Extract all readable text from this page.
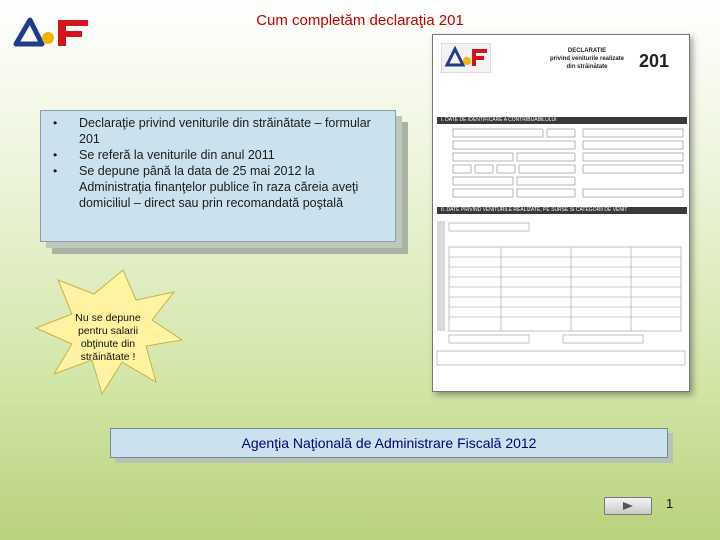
Cum completăm declaraţia 201
•	Declaraţie privind veniturile din străinătate – formular 201
•	Se referă la veniturile din anul 2011
•	Se depune până la data de 25 mai 2012 la Administraţia finanţelor publice în raza căreia aveţi domiciliul – direct sau prin recomandată poştală
Nu se depune pentru salarii obţinute din străinătate !
DECLARATIE
privind veniturile realizate
din străinătate	201
I. DATE DE IDENTIFICARE A CONTRIBUABILULUI
II. DATE PRIVIND VENITURILE REALIZATE, PE SURSE SI CATEGORII DE VENIT
Agenţia Naţională de Administrare Fiscală 2012
1
